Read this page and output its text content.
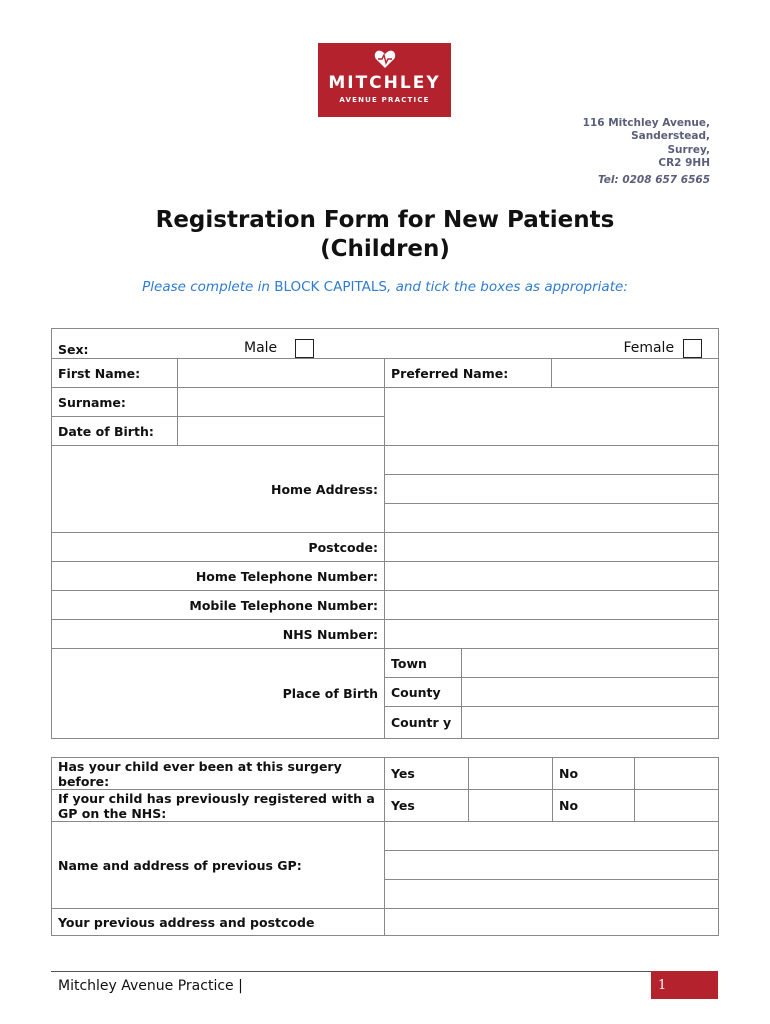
MITCHLEY
AVENUE PRACTICE
116 Mitchley Avenue,
Sanderstead,
Surrey,
CR2 9HH
Tel: 0208 657 6565
Registration Form for New Patients
(Children)
Please complete in BLOCK CAPITALS, and tick the boxes as appropriate:
Sex: Male Female				

First Name:		Preferred Name:		
Surname:				
Date of Birth:				
Home Address:				

Postcode:				
Home Telephone Number:				
Mobile Telephone Number:				
NHS Number:				
Place of Birth		Town		
		County		
		Countr y		
Has your child ever been at this surgery before:	Yes		No	
If your child has previously registered with a GP on the NHS:	Yes		No	
Name and address of previous GP:				

Your previous address and postcode				
Mitchley Avenue Practice |	1
